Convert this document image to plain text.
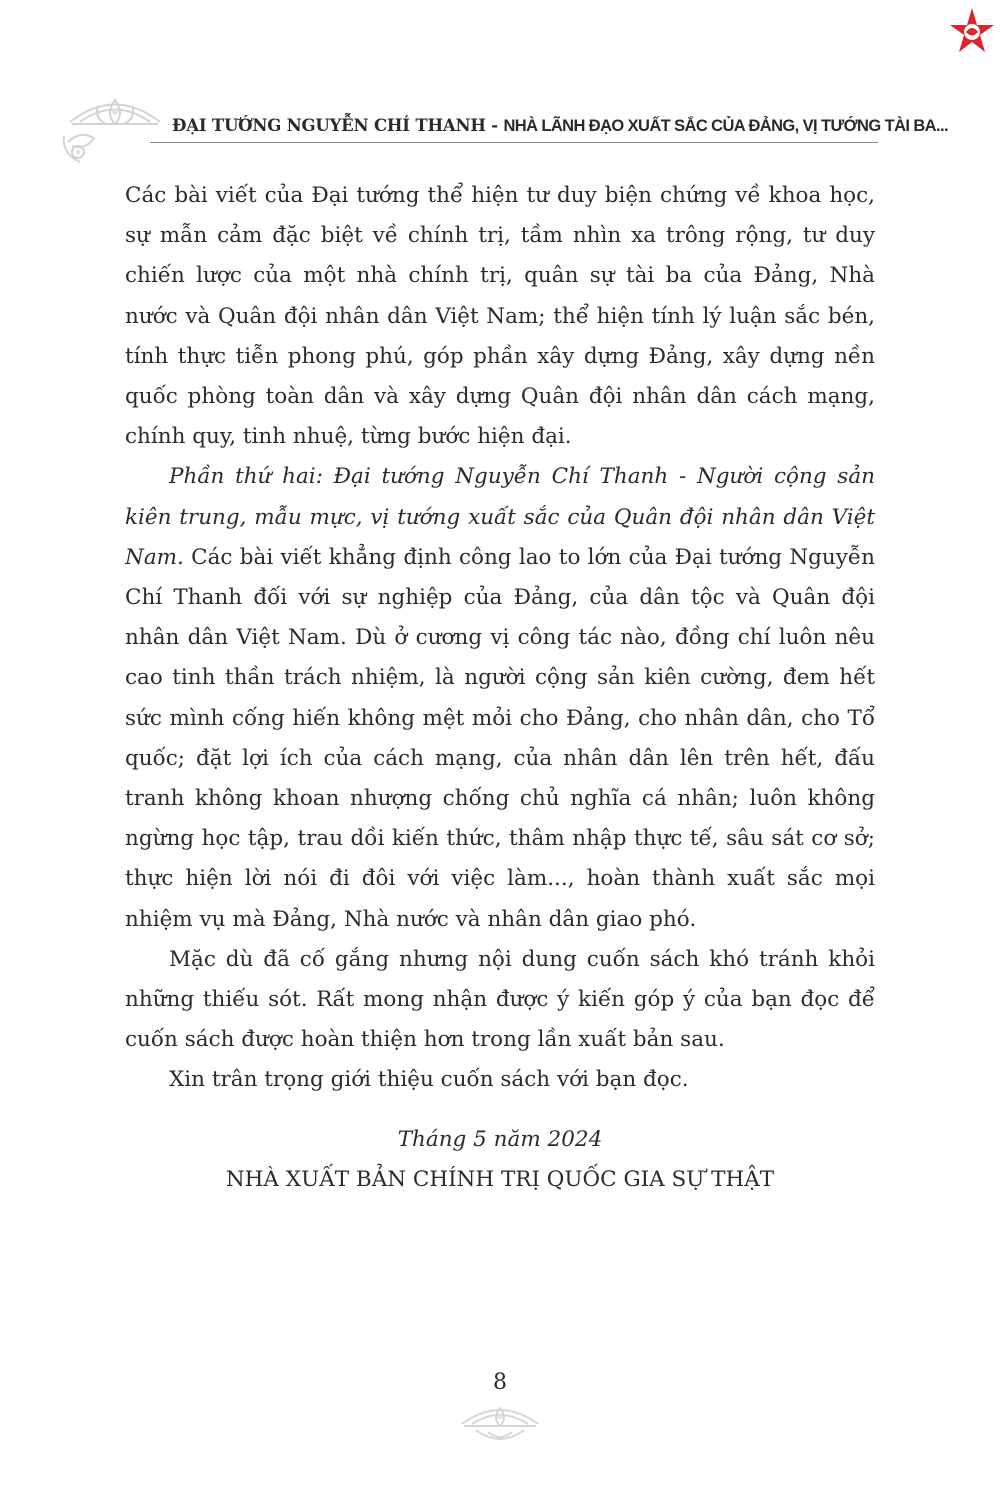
ĐẠI TƯỚNG NGUYỄN CHÍ THANH - NHÀ LÃNH ĐẠO XUẤT SẮC CỦA ĐẢNG, VỊ TƯỚNG TÀI BA...

Các bài viết của Đại tướng thể hiện tư duy biện chứng về khoa học, sự mẫn cảm đặc biệt về chính trị, tầm nhìn xa trông rộng, tư duy chiến lược của một nhà chính trị, quân sự tài ba của Đảng, Nhà nước và Quân đội nhân dân Việt Nam; thể hiện tính lý luận sắc bén, tính thực tiễn phong phú, góp phần xây dựng Đảng, xây dựng nền quốc phòng toàn dân và xây dựng Quân đội nhân dân cách mạng, chính quy, tinh nhuệ, từng bước hiện đại.

Phần thứ hai: Đại tướng Nguyễn Chí Thanh - Người cộng sản kiên trung, mẫu mực, vị tướng xuất sắc của Quân đội nhân dân Việt Nam. Các bài viết khẳng định công lao to lớn của Đại tướng Nguyễn Chí Thanh đối với sự nghiệp của Đảng, của dân tộc và Quân đội nhân dân Việt Nam. Dù ở cương vị công tác nào, đồng chí luôn nêu cao tinh thần trách nhiệm, là người cộng sản kiên cường, đem hết sức mình cống hiến không mệt mỏi cho Đảng, cho nhân dân, cho Tổ quốc; đặt lợi ích của cách mạng, của nhân dân lên trên hết, đấu tranh không khoan nhượng chống chủ nghĩa cá nhân; luôn không ngừng học tập, trau dồi kiến thức, thâm nhập thực tế, sâu sát cơ sở; thực hiện lời nói đi đôi với việc làm..., hoàn thành xuất sắc mọi nhiệm vụ mà Đảng, Nhà nước và nhân dân giao phó.

Mặc dù đã cố gắng nhưng nội dung cuốn sách khó tránh khỏi những thiếu sót. Rất mong nhận được ý kiến góp ý của bạn đọc để cuốn sách được hoàn thiện hơn trong lần xuất bản sau.

Xin trân trọng giới thiệu cuốn sách với bạn đọc.

Tháng 5 năm 2024
NHÀ XUẤT BẢN CHÍNH TRỊ QUỐC GIA SỰ THẬT
8
